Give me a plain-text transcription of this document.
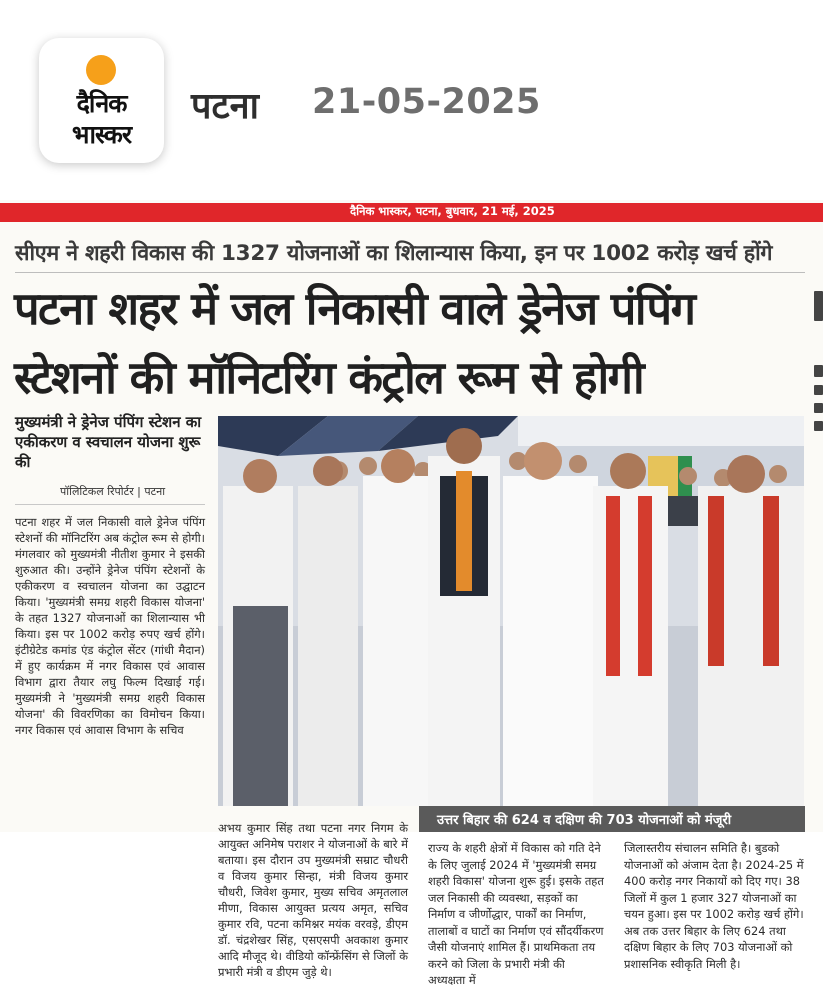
दैनिक
भास्कर
पटना 21-05-2025
दैनिक भास्कर, पटना, बुधवार, 21 मई, 2025
सीएम ने शहरी विकास की 1327 योजनाओं का शिलान्यास किया, इन पर 1002 करोड़ खर्च होंगे
पटना शहर में जल निकासी वाले ड्रेनेज पंपिंग
स्टेशनों की मॉनिटरिंग कंट्रोल रूम से होगी
मुख्यमंत्री ने ड्रेनेज पंपिंग स्टेशन का एकीकरण व स्वचालन योजना शुरू की
पॉलिटिकल रिपोर्टर | पटना
पटना शहर में जल निकासी वाले ड्रेनेज पंपिंग स्टेशनों की मॉनिटरिंग अब कंट्रोल रूम से होगी। मंगलवार को मुख्यमंत्री नीतीश कुमार ने इसकी शुरुआत की। उन्होंने ड्रेनेज पंपिंग स्टेशनों के एकीकरण व स्वचालन योजना का उद्घाटन किया। 'मुख्यमंत्री समग्र शहरी विकास योजना' के तहत 1327 योजनाओं का शिलान्यास भी किया। इस पर 1002 करोड़ रुपए खर्च होंगे। इंटीग्रेटेड कमांड एंड कंट्रोल सेंटर (गांधी मैदान) में हुए कार्यक्रम में नगर विकास एवं आवास विभाग द्वारा तैयार लघु फिल्म दिखाई गई। मुख्यमंत्री ने 'मुख्यमंत्री समग्र शहरी विकास योजना' की विवरणिका का विमोचन किया। नगर विकास एवं आवास विभाग के सचिव
अभय कुमार सिंह तथा पटना नगर निगम के आयुक्त अनिमेष पराशर ने योजनाओं के बारे में बताया। इस दौरान उप मुख्यमंत्री सम्राट चौधरी व विजय कुमार सिन्हा, मंत्री विजय कुमार चौधरी, जिवेश कुमार, मुख्य सचिव अमृतलाल मीणा, विकास आयुक्त प्रत्यय अमृत, सचिव कुमार रवि, पटना कमिश्नर मयंक वरवड़े, डीएम डॉ. चंद्रशेखर सिंह, एसएसपी अवकाश कुमार आदि मौजूद थे। वीडियो कॉन्फ्रेंसिंग से जिलों के प्रभारी मंत्री व डीएम जुड़े थे।
उत्तर बिहार की 624 व दक्षिण की 703 योजनाओं को मंजूरी
राज्य के शहरी क्षेत्रों में विकास को गति देने के लिए जुलाई 2024 में 'मुख्यमंत्री समग्र शहरी विकास' योजना शुरू हुई। इसके तहत जल निकासी की व्यवस्था, सड़कों का निर्माण व जीर्णोद्धार, पार्कों का निर्माण, तालाबों व घाटों का निर्माण एवं सौंदर्यीकरण जैसी योजनाएं शामिल हैं। प्राथमिकता तय करने को जिला के प्रभारी मंत्री की अध्यक्षता में
जिलास्तरीय संचालन समिति है। बुडको योजनाओं को अंजाम देता है। 2024-25 में 400 करोड़ नगर निकायों को दिए गए। 38 जिलों में कुल 1 हजार 327 योजनाओं का चयन हुआ। इस पर 1002 करोड़ खर्च होंगे। अब तक उत्तर बिहार के लिए 624 तथा दक्षिण बिहार के लिए 703 योजनाओं को प्रशासनिक स्वीकृति मिली है।
